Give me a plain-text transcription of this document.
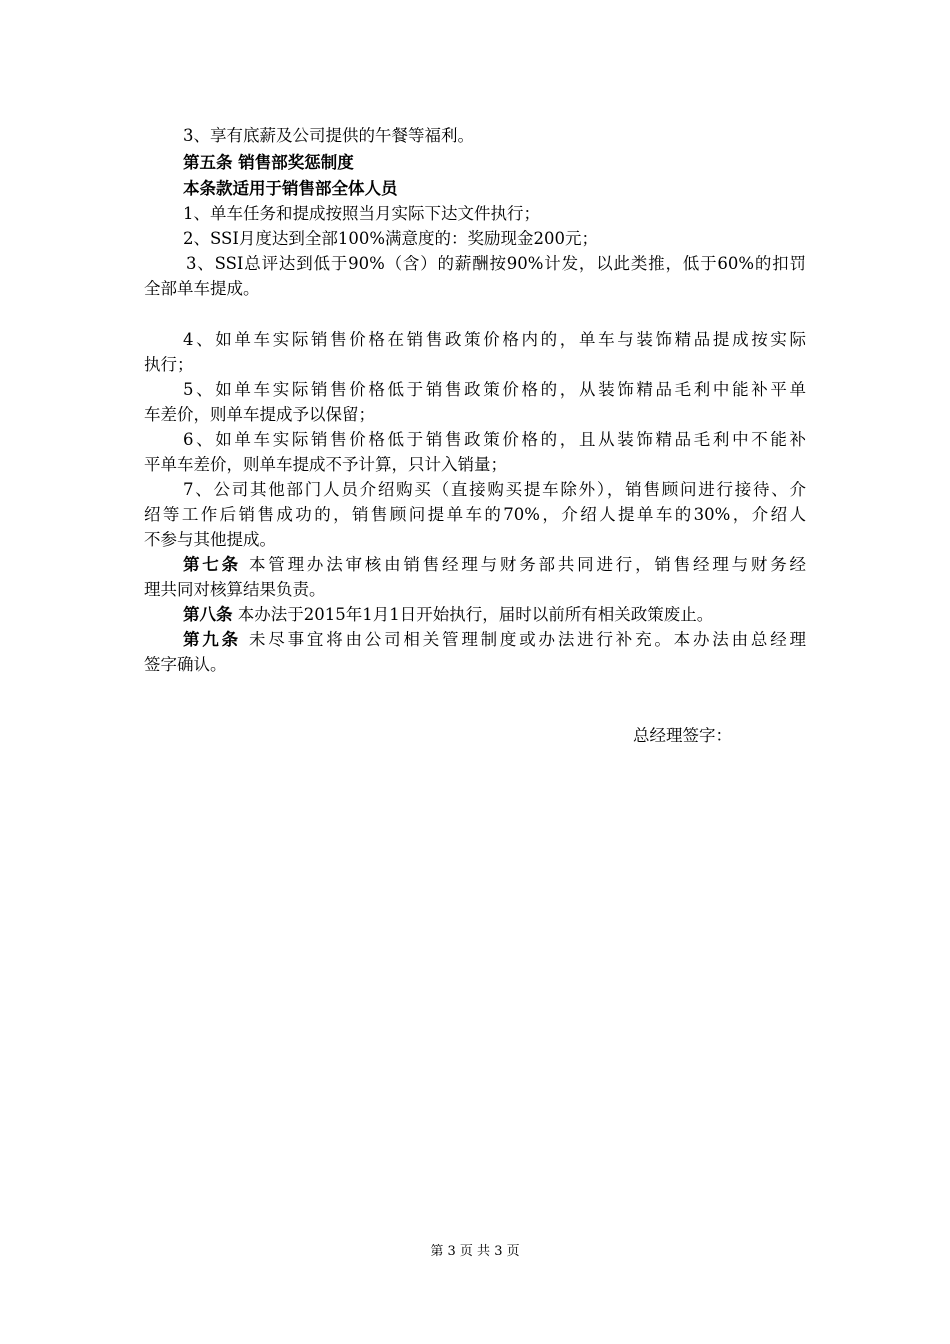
3、享有底薪及公司提供的午餐等福利。
第五条 销售部奖惩制度
本条款适用于销售部全体人员
1、单车任务和提成按照当月实际下达文件执行；
2、SSI月度达到全部100%满意度的：奖励现金200元；
3、SSI总评达到低于90%（含）的薪酬按90%计发，以此类推，低于60%的扣罚
全部单车提成。
4、如单车实际销售价格在销售政策价格内的，单车与装饰精品提成按实际
执行；
5、如单车实际销售价格低于销售政策价格的，从装饰精品毛利中能补平单
车差价，则单车提成予以保留；
6、如单车实际销售价格低于销售政策价格的，且从装饰精品毛利中不能补
平单车差价，则单车提成不予计算，只计入销量；
7、公司其他部门人员介绍购买（直接购买提车除外），销售顾问进行接待、介
绍等工作后销售成功的，销售顾问提单车的70%，介绍人提单车的30%，介绍人
不参与其他提成。
第七条 本管理办法审核由销售经理与财务部共同进行，销售经理与财务经
理共同对核算结果负责。
第八条 本办法于2015年1月1日开始执行，届时以前所有相关政策废止。
第九条 未尽事宜将由公司相关管理制度或办法进行补充。本办法由总经理
签字确认。
总经理签字：
第 3 页 共 3 页
